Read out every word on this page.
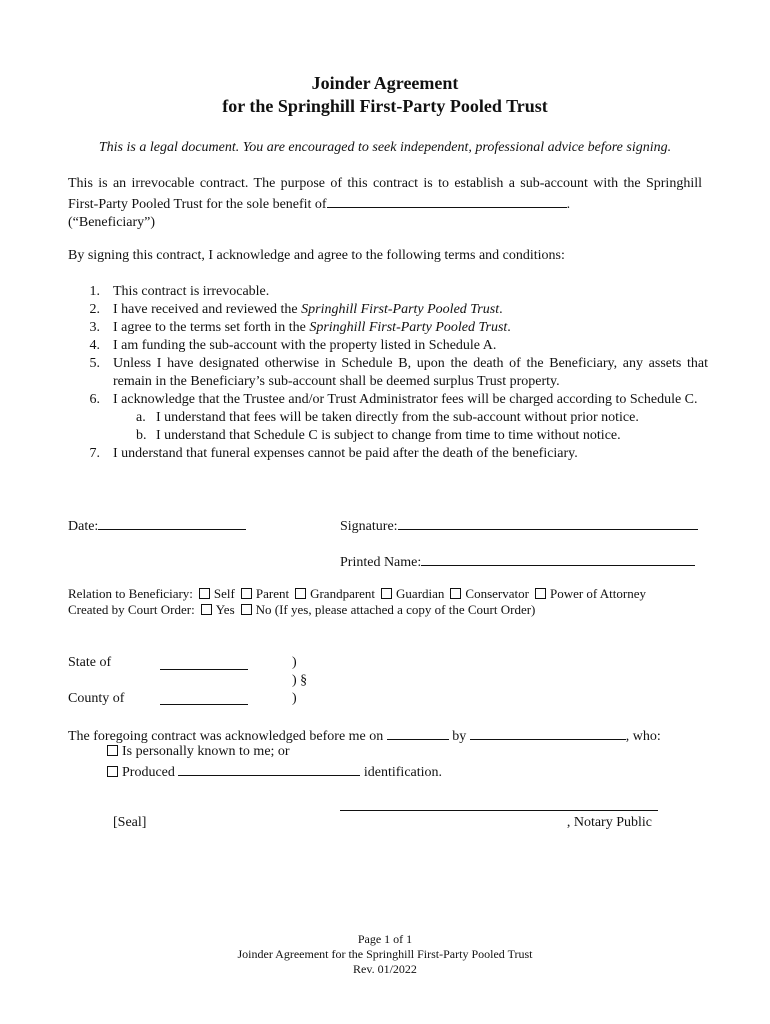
Joinder Agreement
for the Springhill First-Party Pooled Trust
This is a legal document. You are encouraged to seek independent, professional advice before signing.
This is an irrevocable contract. The purpose of this contract is to establish a sub-account with the Springhill First-Party Pooled Trust for the sole benefit of	.
(“Beneficiary”)
By signing this contract, I acknowledge and agree to the following terms and conditions:
1. This contract is irrevocable.
2. I have received and reviewed the Springhill First-Party Pooled Trust.
3. I agree to the terms set forth in the Springhill First-Party Pooled Trust.
4. I am funding the sub-account with the property listed in Schedule A.
5. Unless I have designated otherwise in Schedule B, upon the death of the Beneficiary, any assets that remain in the Beneficiary’s sub-account shall be deemed surplus Trust property.
6. I acknowledge that the Trustee and/or Trust Administrator fees will be charged according to Schedule C.
a. I understand that fees will be taken directly from the sub-account without prior notice.
b. I understand that Schedule C is subject to change from time to time without notice.
7. I understand that funeral expenses cannot be paid after the death of the beneficiary.
Date:	Signature:
Printed Name:
Relation to Beneficiary: Self Parent Grandparent Guardian Conservator Power of Attorney
Created by Court Order: Yes No (If yes, please attached a copy of the Court Order)
State of
County of
)
) §
)
The foregoing contract was acknowledged before me on	by	, who:
Is personally known to me; or
Produced	identification.
[Seal]	, Notary Public
Page 1 of 1
Joinder Agreement for the Springhill First-Party Pooled Trust
Rev. 01/2022
